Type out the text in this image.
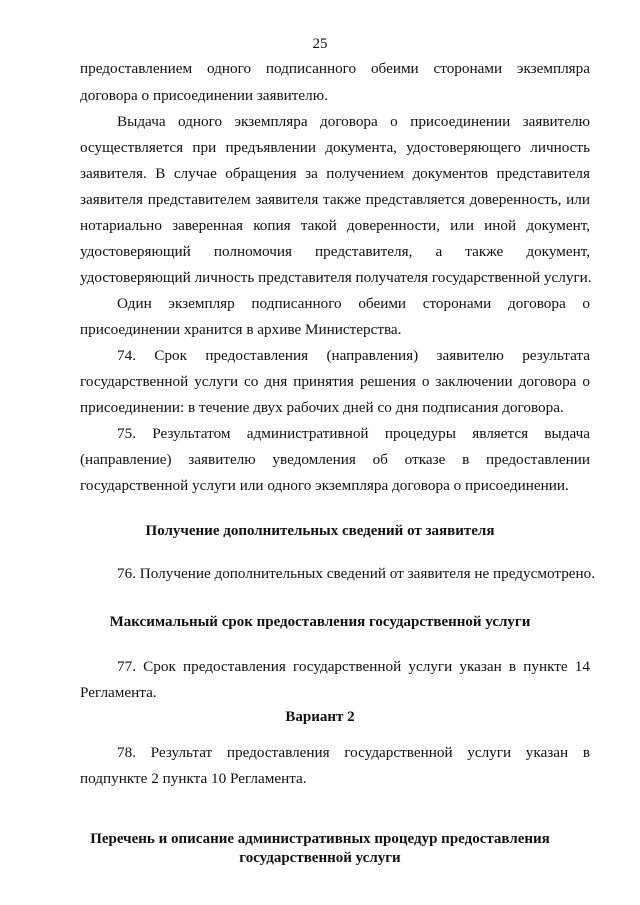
25
предоставлением одного подписанного обеими сторонами экземпляра
договора о присоединении заявителю.
Выдача одного экземпляра договора о присоединении заявителю
осуществляется при предъявлении документа, удостоверяющего личность
заявителя. В случае обращения за получением документов представителя
заявителя представителем заявителя также представляется доверенность, или
нотариально заверенная копия такой доверенности, или иной документ,
удостоверяющий полномочия представителя, а также документ,
удостоверяющий личность представителя получателя государственной услуги.
Один экземпляр подписанного обеими сторонами договора о
присоединении хранится в архиве Министерства.
74. Срок предоставления (направления) заявителю результата
государственной услуги со дня принятия решения о заключении договора о
присоединении: в течение двух рабочих дней со дня подписания договора.
75. Результатом административной процедуры является выдача
(направление) заявителю уведомления об отказе в предоставлении
государственной услуги или одного экземпляра договора о присоединении.
Получение дополнительных сведений от заявителя
76. Получение дополнительных сведений от заявителя не предусмотрено.
Максимальный срок предоставления государственной услуги
77. Срок предоставления государственной услуги указан в пункте 14
Регламента.
Вариант 2
78. Результат предоставления государственной услуги указан в
подпункте 2 пункта 10 Регламента.
Перечень и описание административных процедур предоставления
государственной услуги
